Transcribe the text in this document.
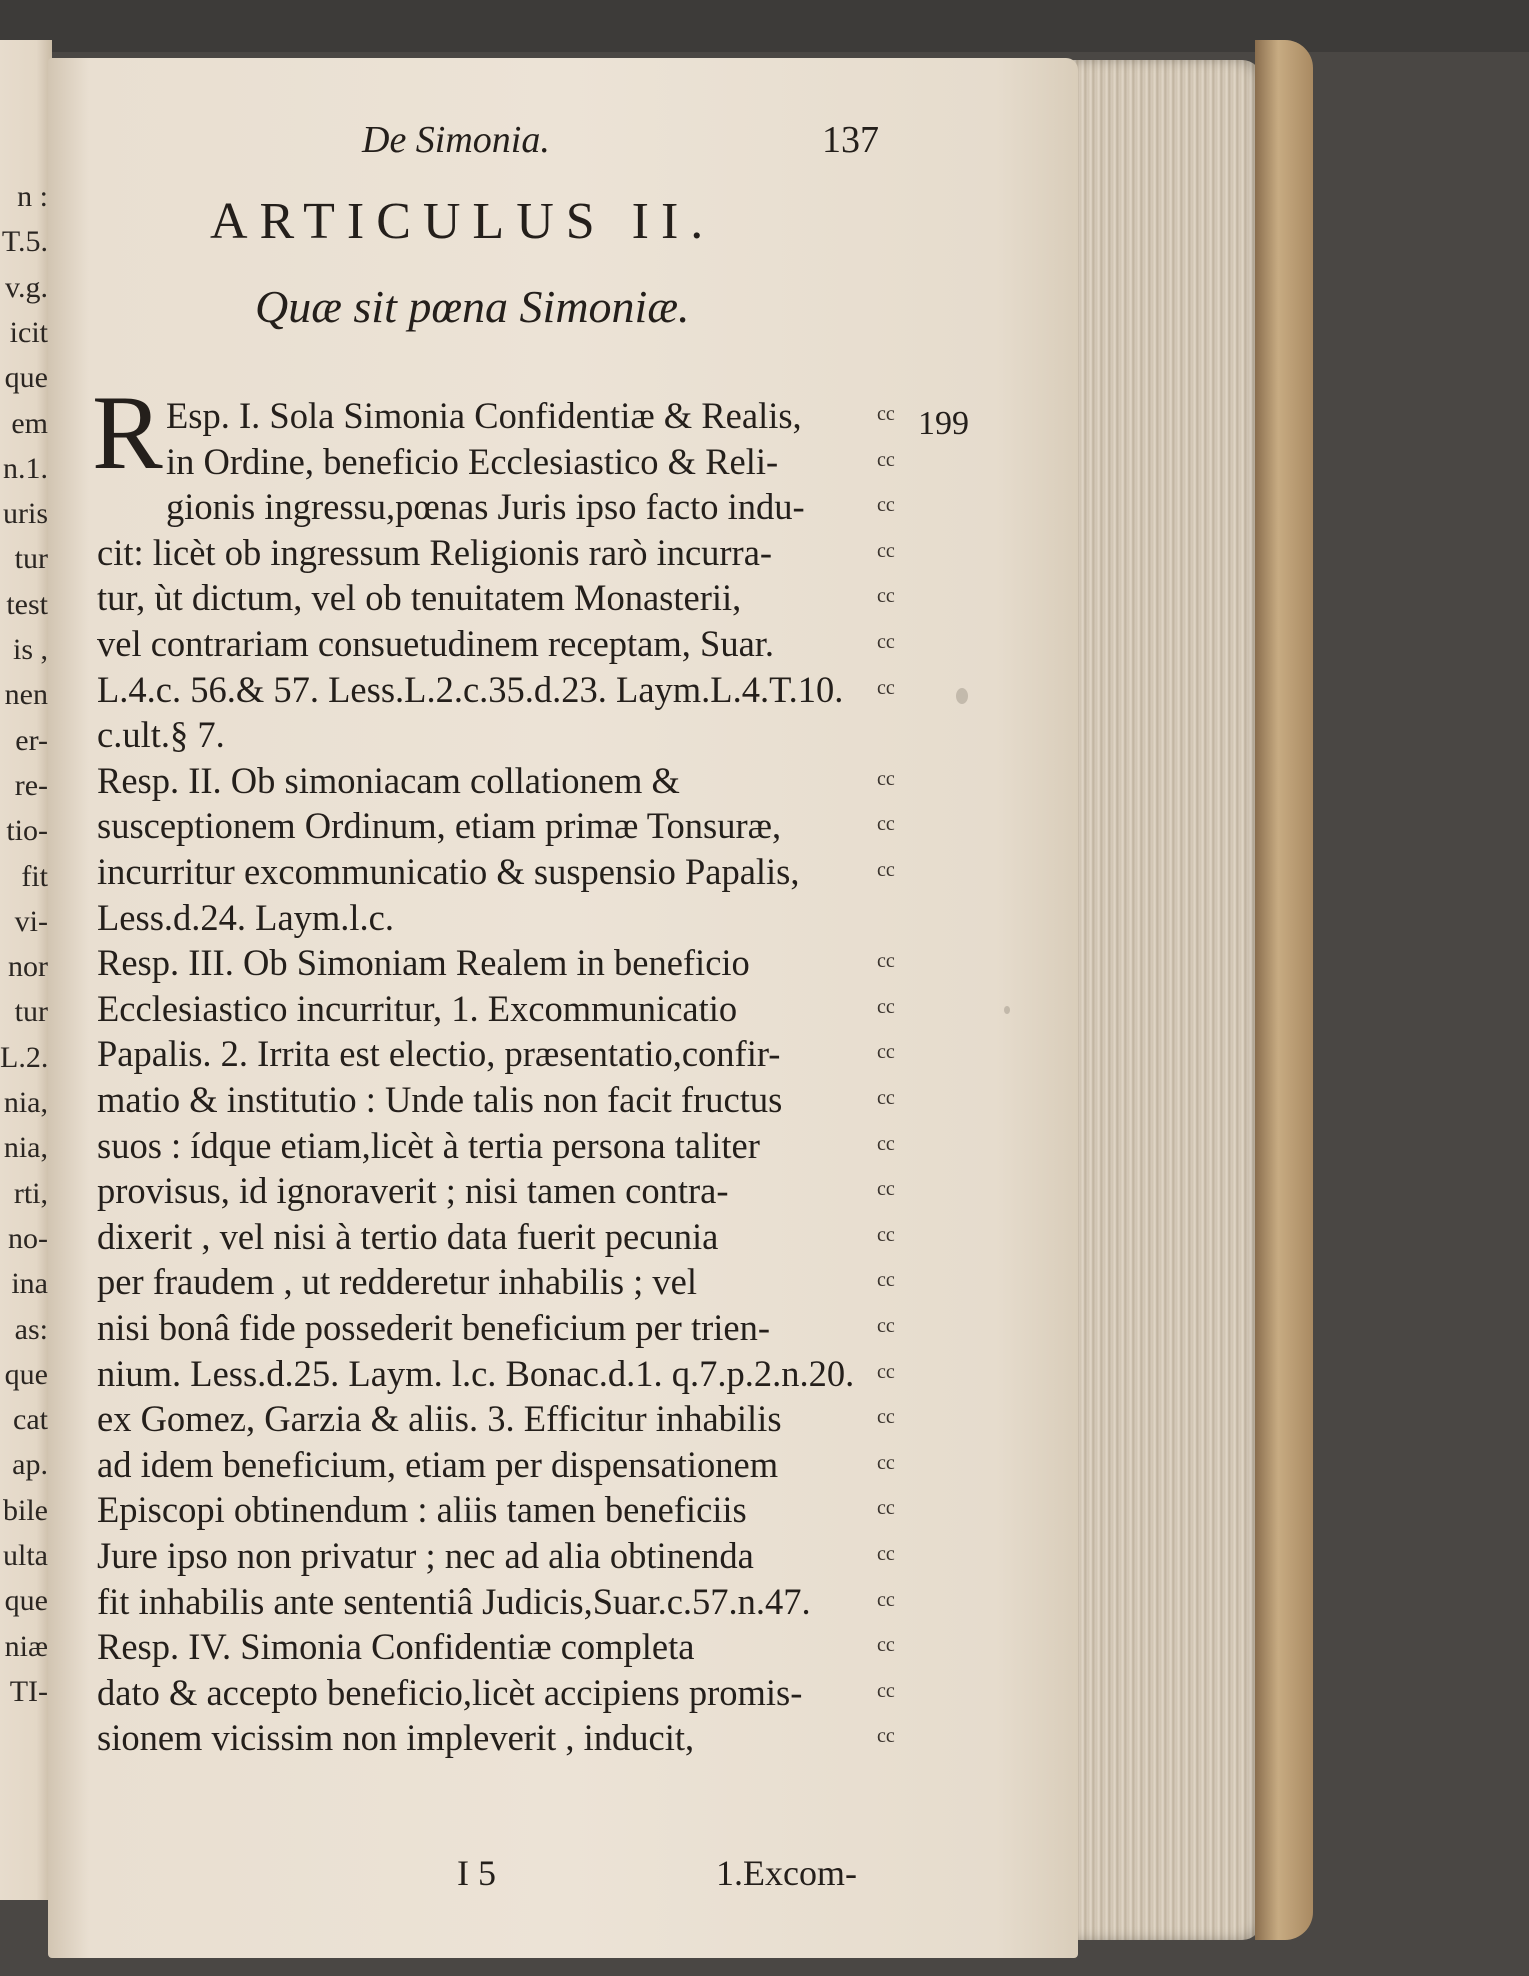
n :
T.5.
v.g.
icit
que
em
n.1.
uris
tur
test
is ,
nen
er-
re-
tio-
fit
vi-
nor
tur
L.2.
nia,
nia,
rti,
no-
ina
as:
que
cat
ap.
bile
ulta
que
niæ
TI-
De Simonia.	137
ARTICULUS II.
Quæ sit pœna Simoniæ.
199
R Esp. I. Sola Simonia Confidentiæ & Realis,	cc
in Ordine, beneficio Ecclesiastico & Reli-	cc
gionis ingressu,pœnas Juris ipso facto indu-	cc
cit: licèt ob ingressum Religionis rarò incurra-	cc
tur, ùt dictum, vel ob tenuitatem Monasterii,	cc
vel contrariam consuetudinem receptam, Suar.	cc
L.4.c. 56.& 57. Less.L.2.c.35.d.23. Laym.L.4.T.10. cc
c.ult.§ 7.
Resp. II. Ob simoniacam collationem &	cc
susceptionem Ordinum, etiam primæ Tonsuræ,	cc
incurritur excommunicatio & suspensio Papalis,	cc
Less.d.24. Laym.l.c.
Resp. III. Ob Simoniam Realem in beneficio	cc
Ecclesiastico incurritur, 1. Excommunicatio	cc
Papalis. 2. Irrita est electio, præsentatio,confir-	cc
matio & institutio : Unde talis non facit fructus	cc
suos : ídque etiam,licèt à tertia persona taliter	cc
provisus, id ignoraverit ; nisi tamen contra-	cc
dixerit , vel nisi à tertio data fuerit pecunia	cc
per fraudem , ut redderetur inhabilis ; vel	cc
nisi bonâ fide possederit beneficium per trien-	cc
nium. Less.d.25. Laym. l.c. Bonac.d.1. q.7.p.2.n.20. cc
ex Gomez, Garzia & aliis. 3. Efficitur inhabilis	cc
ad idem beneficium, etiam per dispensationem	cc
Episcopi obtinendum : aliis tamen beneficiis	cc
Jure ipso non privatur ; nec ad alia obtinenda	cc
fit inhabilis ante sententiâ Judicis,Suar.c.57.n.47.	cc
Resp. IV. Simonia Confidentiæ completa	cc
dato & accepto beneficio,licèt accipiens promis-	cc
sionem vicissim non impleverit , inducit,	cc
I 5	1.Excom-
